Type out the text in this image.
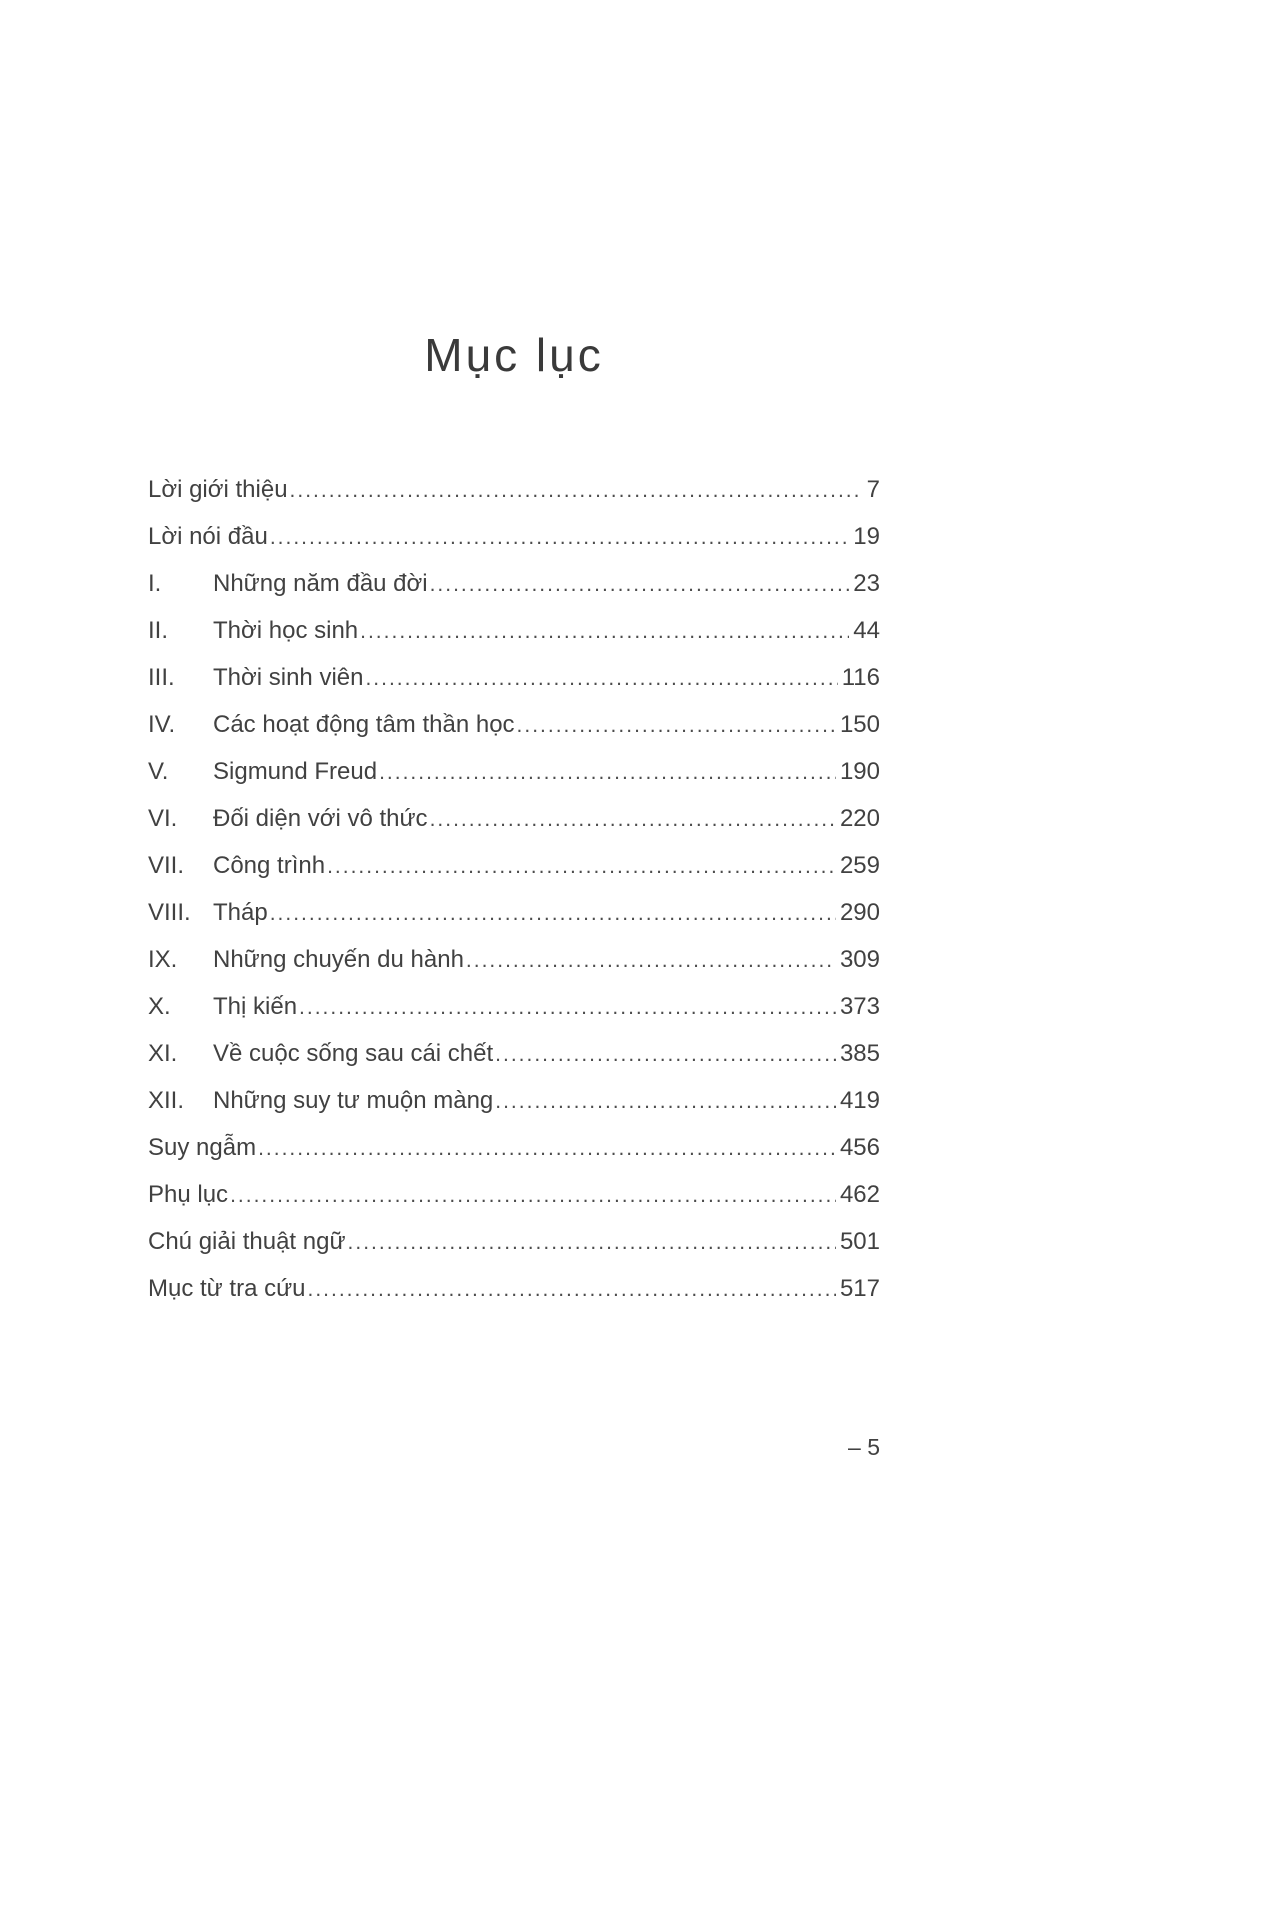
Mục lục
Lời giới thiệu .....	7
Lời nói đầu .....	19
I.	Những năm đầu đời .....	23
II.	Thời học sinh .....	44
III.	Thời sinh viên .....	116
IV.	Các hoạt động tâm thần học .....	150
V.	Sigmund Freud .....	190
VI.	Đối diện với vô thức .....	220
VII.	Công trình .....	259
VIII. Tháp .....	290
IX.	Những chuyến du hành .....	309
X.	Thị kiến .....	373
XI.	Về cuộc sống sau cái chết .....	385
XII.	Những suy tư muộn màng .....	419
Suy ngẫm .....	456
Phụ lục .....	462
Chú giải thuật ngữ .....	501
Mục từ tra cứu .....	517
– 5
